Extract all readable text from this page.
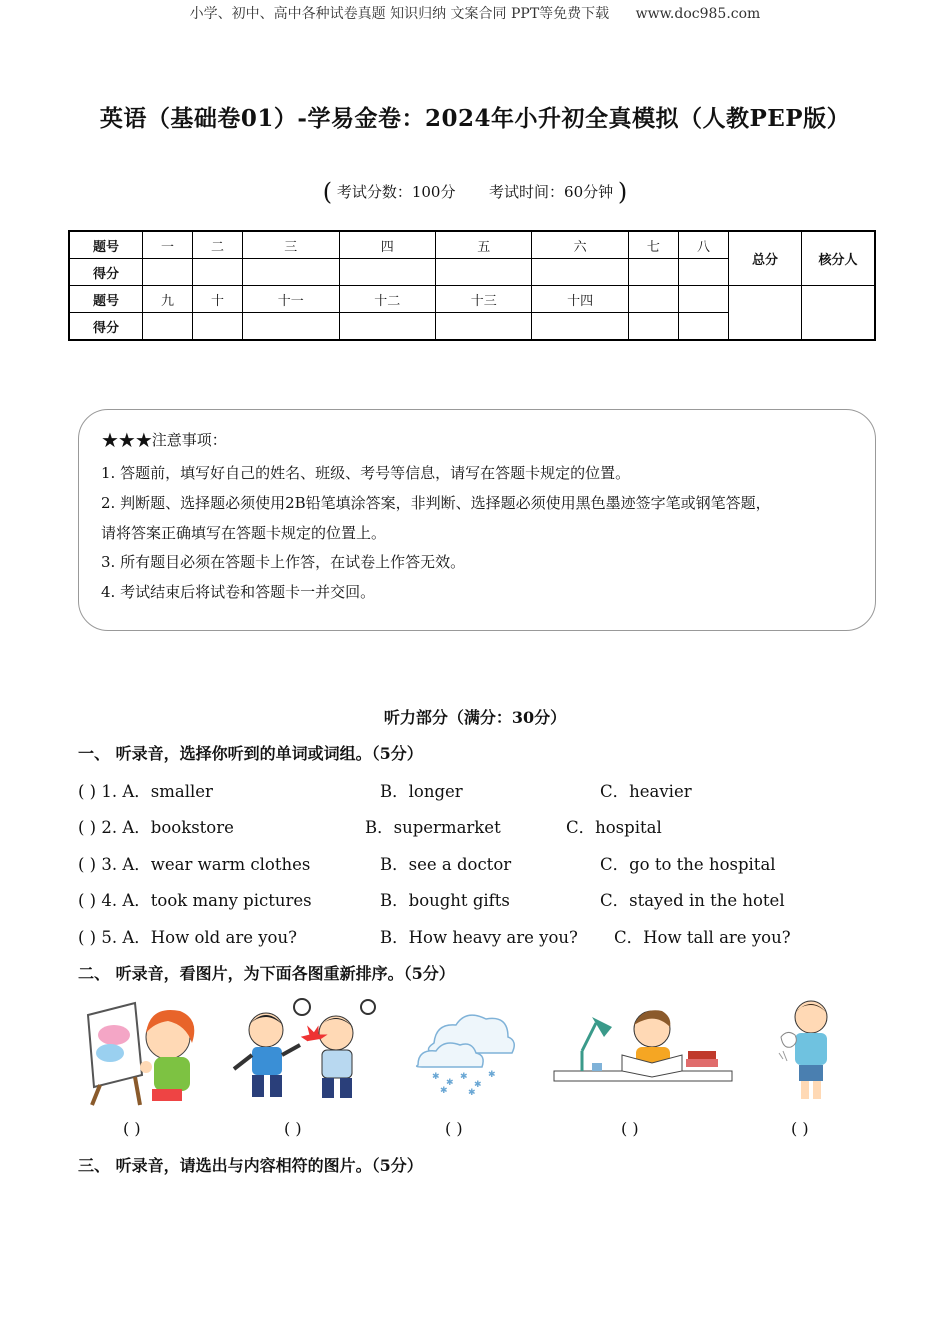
小学、初中、高中各种试卷真题 知识归纳 文案合同 PPT等免费下载 www.doc985.com
英语（基础卷01）-学易金卷：2024年小升初全真模拟（人教PEP版）
( 考试分数：100分 考试时间：60分钟 )
题号	一	二	三	四	五	六	七	八	总分	核分人
得分										
题号	九	十	十一	十二	十三	十四				
得分										
★★★注意事项：
1. 答题前，填写好自己的姓名、班级、考号等信息，请写在答题卡规定的位置。
2. 判断题、选择题必须使用2B铅笔填涂答案，非判断、选择题必须使用黑色墨迹签字笔或钢笔答题，
请将答案正确填写在答题卡规定的位置上。
3. 所有题目必须在答题卡上作答，在试卷上作答无效。
4. 考试结束后将试卷和答题卡一并交回。
听力部分（满分：30分）
一、 听录音，选择你听到的单词或词组。（5分）
( ) 1. A．smaller	B．longer	C．heavier
( ) 2. A．bookstore	B．supermarket	C．hospital
( ) 3. A．wear warm clothes	B．see a doctor	C．go to the hospital
( ) 4. A．took many pictures	B．bought gifts	C．stayed in the hotel
( ) 5. A．How old are you?	B．How heavy are you? C．How tall are you?
二、 听录音，看图片，为下面各图重新排序。（5分）
✱
✱
✱
✱
✱
✱ ✱
( )	( )	( )	( )	( )
三、 听录音，请选出与内容相符的图片。（5分）
